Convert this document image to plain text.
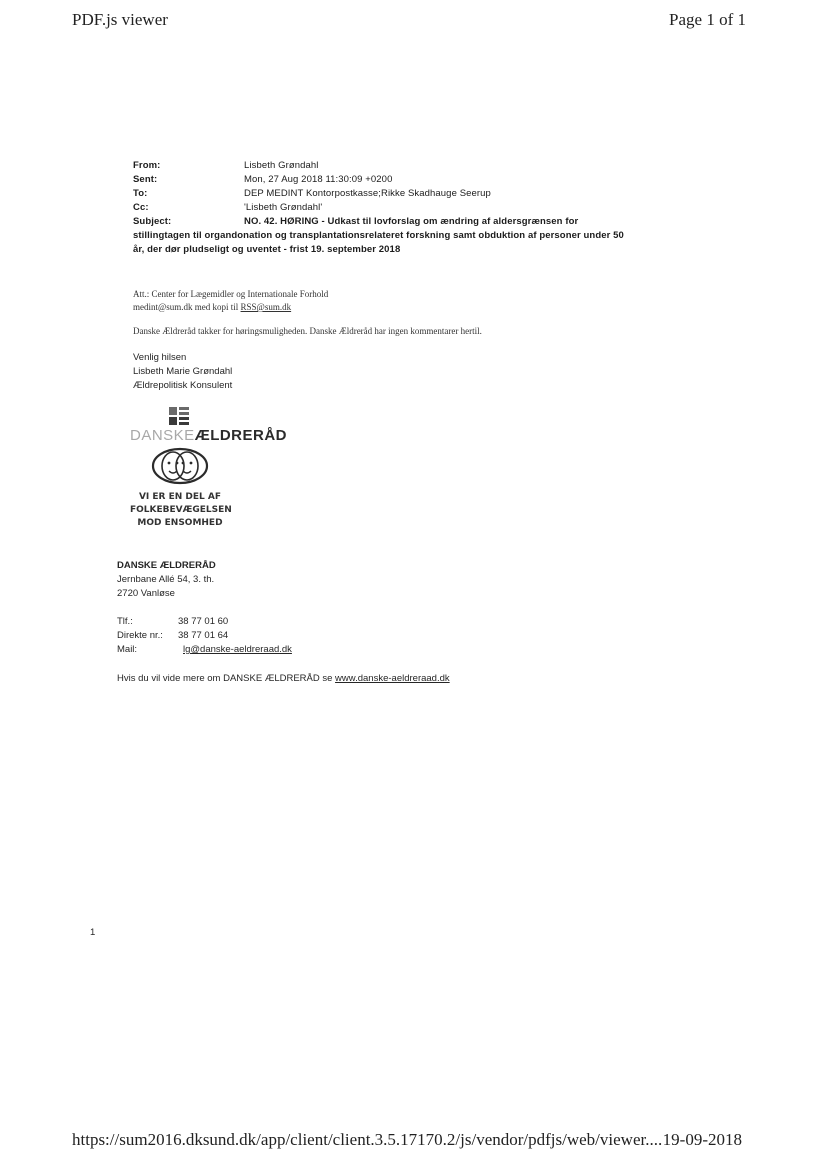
PDF.js viewer	Page 1 of 1
From:	Lisbeth Grøndahl
Sent:	Mon, 27 Aug 2018 11:30:09 +0200
To:	DEP MEDINT Kontorpostkasse;Rikke Skadhauge Seerup
Cc:	'Lisbeth Grøndahl'
Subject:	NO. 42. HØRING - Udkast til lovforslag om ændring af aldersgrænsen for
stillingtagen til organdonation og transplantationsrelateret forskning samt obduktion af personer under 50
år, der dør pludseligt og uventet - frist 19. september 2018
Att.: Center for Lægemidler og Internationale Forhold
medint@sum.dk med kopi til RSS@sum.dk
Danske Ældreråd takker for høringsmuligheden. Danske Ældreråd har ingen kommentarer hertil.
Venlig hilsen
Lisbeth Marie Grøndahl
Ældrepolitisk Konsulent
DANSKEÆLDRERÅD
VI ER EN DEL AF
FOLKEBEVÆGELSEN
MOD ENSOMHED
DANSKE ÆLDRERÅD
Jernbane Allé 54, 3. th.
2720 Vanløse
Tlf.:	38 77 01 60
Direkte nr.: 38 77 01 64
Mail:	lg@danske-aeldreraad.dk
Hvis du vil vide mere om DANSKE ÆLDRERÅD se www.danske-aeldreraad.dk
1
https://sum2016.dksund.dk/app/client/client.3.5.17170.2/js/vendor/pdfjs/web/viewer.... 19-09-2018
